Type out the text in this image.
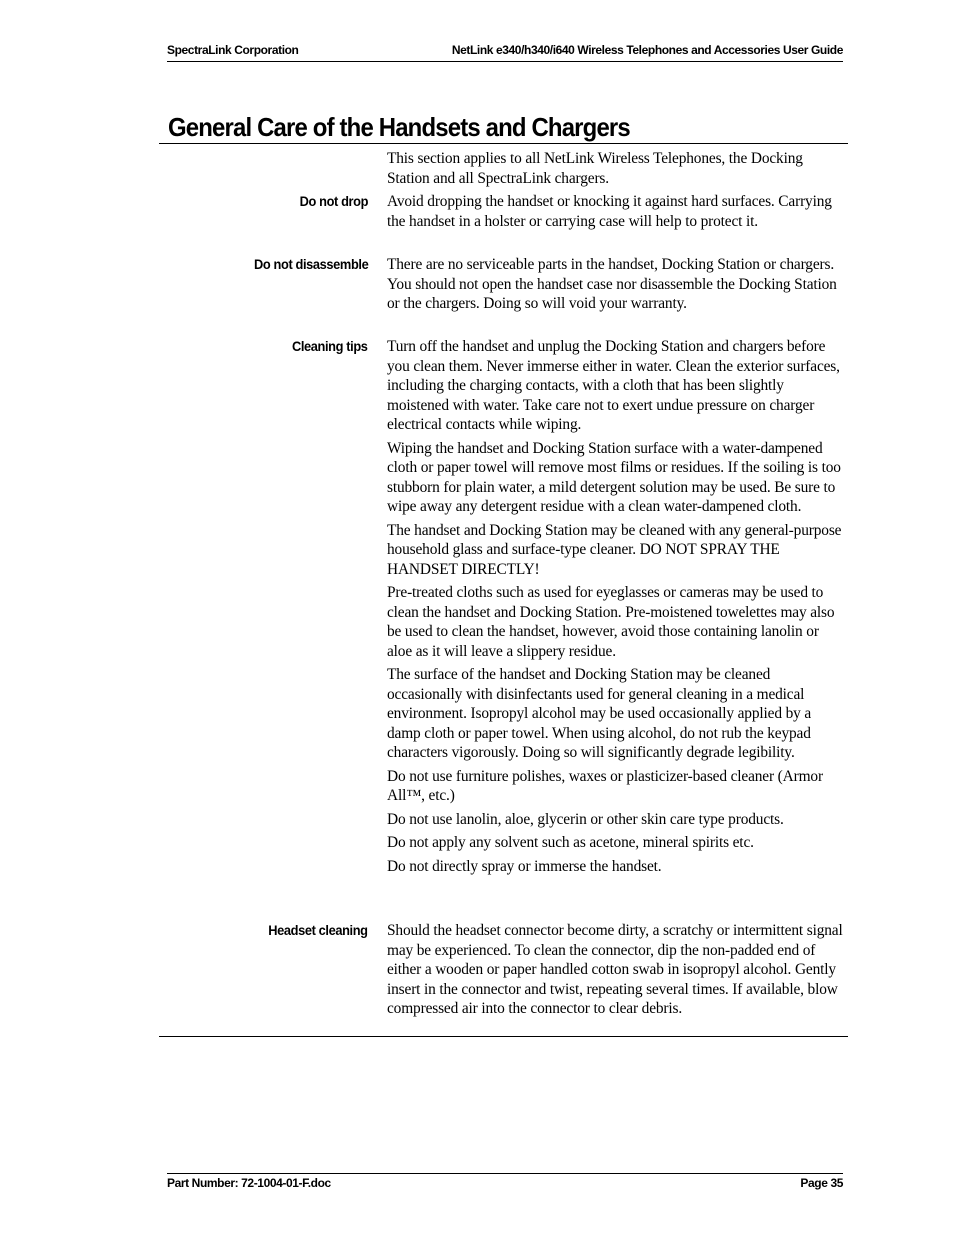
SpectraLink Corporation	NetLink e340/h340/i640 Wireless Telephones and Accessories User Guide
General Care of the Handsets and Chargers

This section applies to all NetLink Wireless Telephones, the Docking Station and all SpectraLink chargers.

Do not drop Avoid dropping the handset or knocking it against hard surfaces. Carrying the handset in a holster or carrying case will help to protect it.

Do not disassemble There are no serviceable parts in the handset, Docking Station or chargers. You should not open the handset case nor disassemble the Docking Station or the chargers. Doing so will void your warranty.

Cleaning tips Turn off the handset and unplug the Docking Station and chargers before you clean them. Never immerse either in water. Clean the exterior surfaces, including the charging contacts, with a cloth that has been slightly moistened with water. Take care not to exert undue pressure on charger electrical contacts while wiping.

Wiping the handset and Docking Station surface with a water-dampened cloth or paper towel will remove most films or residues. If the soiling is too stubborn for plain water, a mild detergent solution may be used. Be sure to wipe away any detergent residue with a clean water-dampened cloth.

The handset and Docking Station may be cleaned with any general-purpose household glass and surface-type cleaner. DO NOT SPRAY THE HANDSET DIRECTLY!

Pre-treated cloths such as used for eyeglasses or cameras may be used to clean the handset and Docking Station. Pre-moistened towelettes may also be used to clean the handset, however, avoid those containing lanolin or aloe as it will leave a slippery residue.

The surface of the handset and Docking Station may be cleaned occasionally with disinfectants used for general cleaning in a medical environment. Isopropyl alcohol may be used occasionally applied by a damp cloth or paper towel. When using alcohol, do not rub the keypad characters vigorously. Doing so will significantly degrade legibility.

Do not use furniture polishes, waxes or plasticizer-based cleaner (Armor All™, etc.)

Do not use lanolin, aloe, glycerin or other skin care type products.

Do not apply any solvent such as acetone, mineral spirits etc.

Do not directly spray or immerse the handset.

Headset cleaning Should the headset connector become dirty, a scratchy or intermittent signal may be experienced. To clean the connector, dip the non-padded end of either a wooden or paper handled cotton swab in isopropyl alcohol. Gently insert in the connector and twist, repeating several times. If available, blow compressed air into the connector to clear debris.

Part Number: 72-1004-01-F.doc	Page 35
